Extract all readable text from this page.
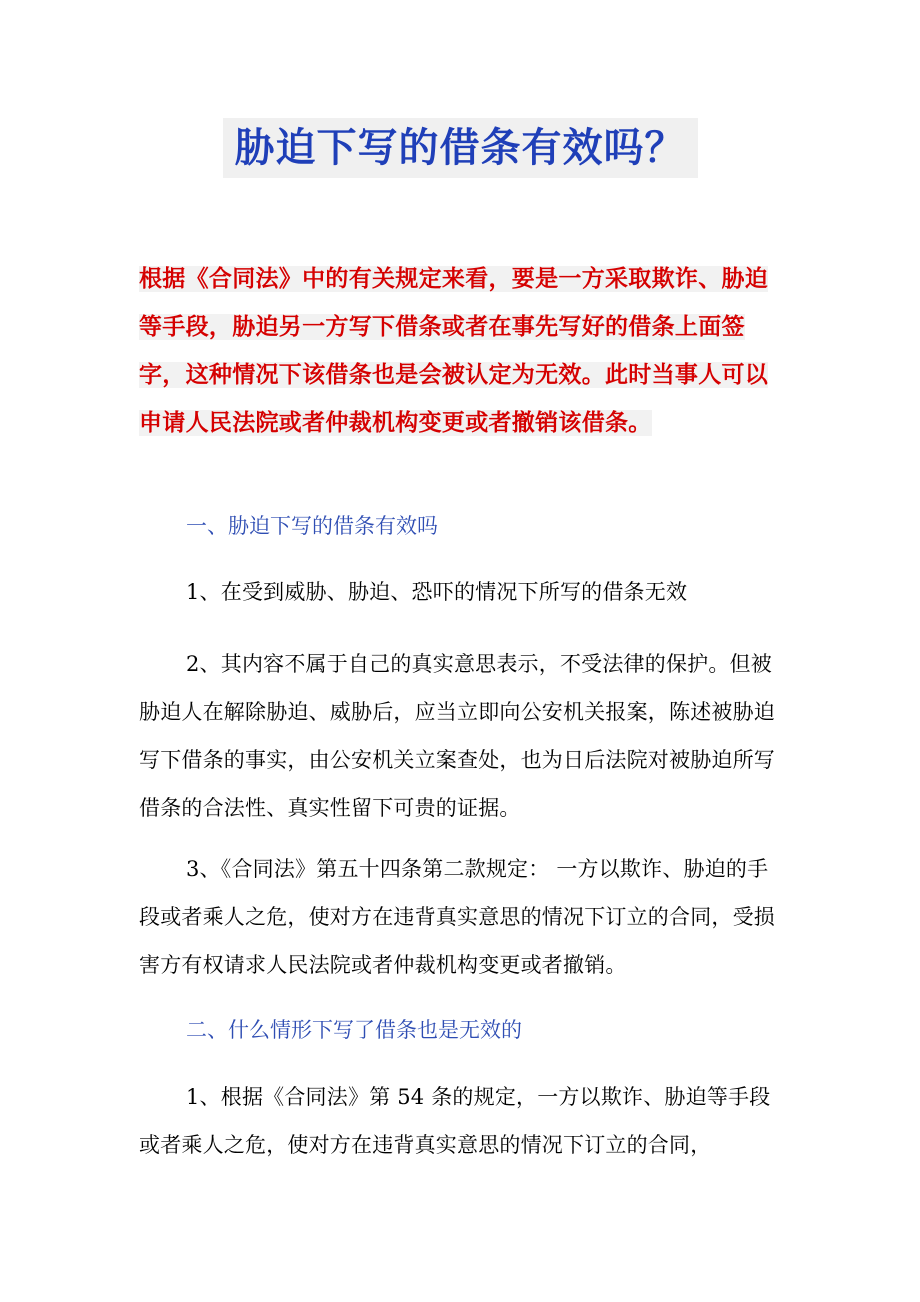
胁迫下写的借条有效吗？
根据《合同法》中的有关规定来看，要是一方采取欺诈、胁迫等手段，胁迫另一方写下借条或者在事先写好的借条上面签字，这种情况下该借条也是会被认定为无效。此时当事人可以申请人民法院或者仲裁机构变更或者撤销该借条。
一、胁迫下写的借条有效吗
1、在受到威胁、胁迫、恐吓的情况下所写的借条无效
2、其内容不属于自己的真实意思表示，不受法律的保护。但被胁迫人在解除胁迫、威胁后，应当立即向公安机关报案，陈述被胁迫写下借条的事实，由公安机关立案查处，也为日后法院对被胁迫所写借条的合法性、真实性留下可贵的证据。
3、《合同法》第五十四条第二款规定： 一方以欺诈、胁迫的手段或者乘人之危，使对方在违背真实意思的情况下订立的合同，受损害方有权请求人民法院或者仲裁机构变更或者撤销。
二、什么情形下写了借条也是无效的
1、根据《合同法》第 54 条的规定，一方以欺诈、胁迫等手段或者乘人之危，使对方在违背真实意思的情况下订立的合同，
